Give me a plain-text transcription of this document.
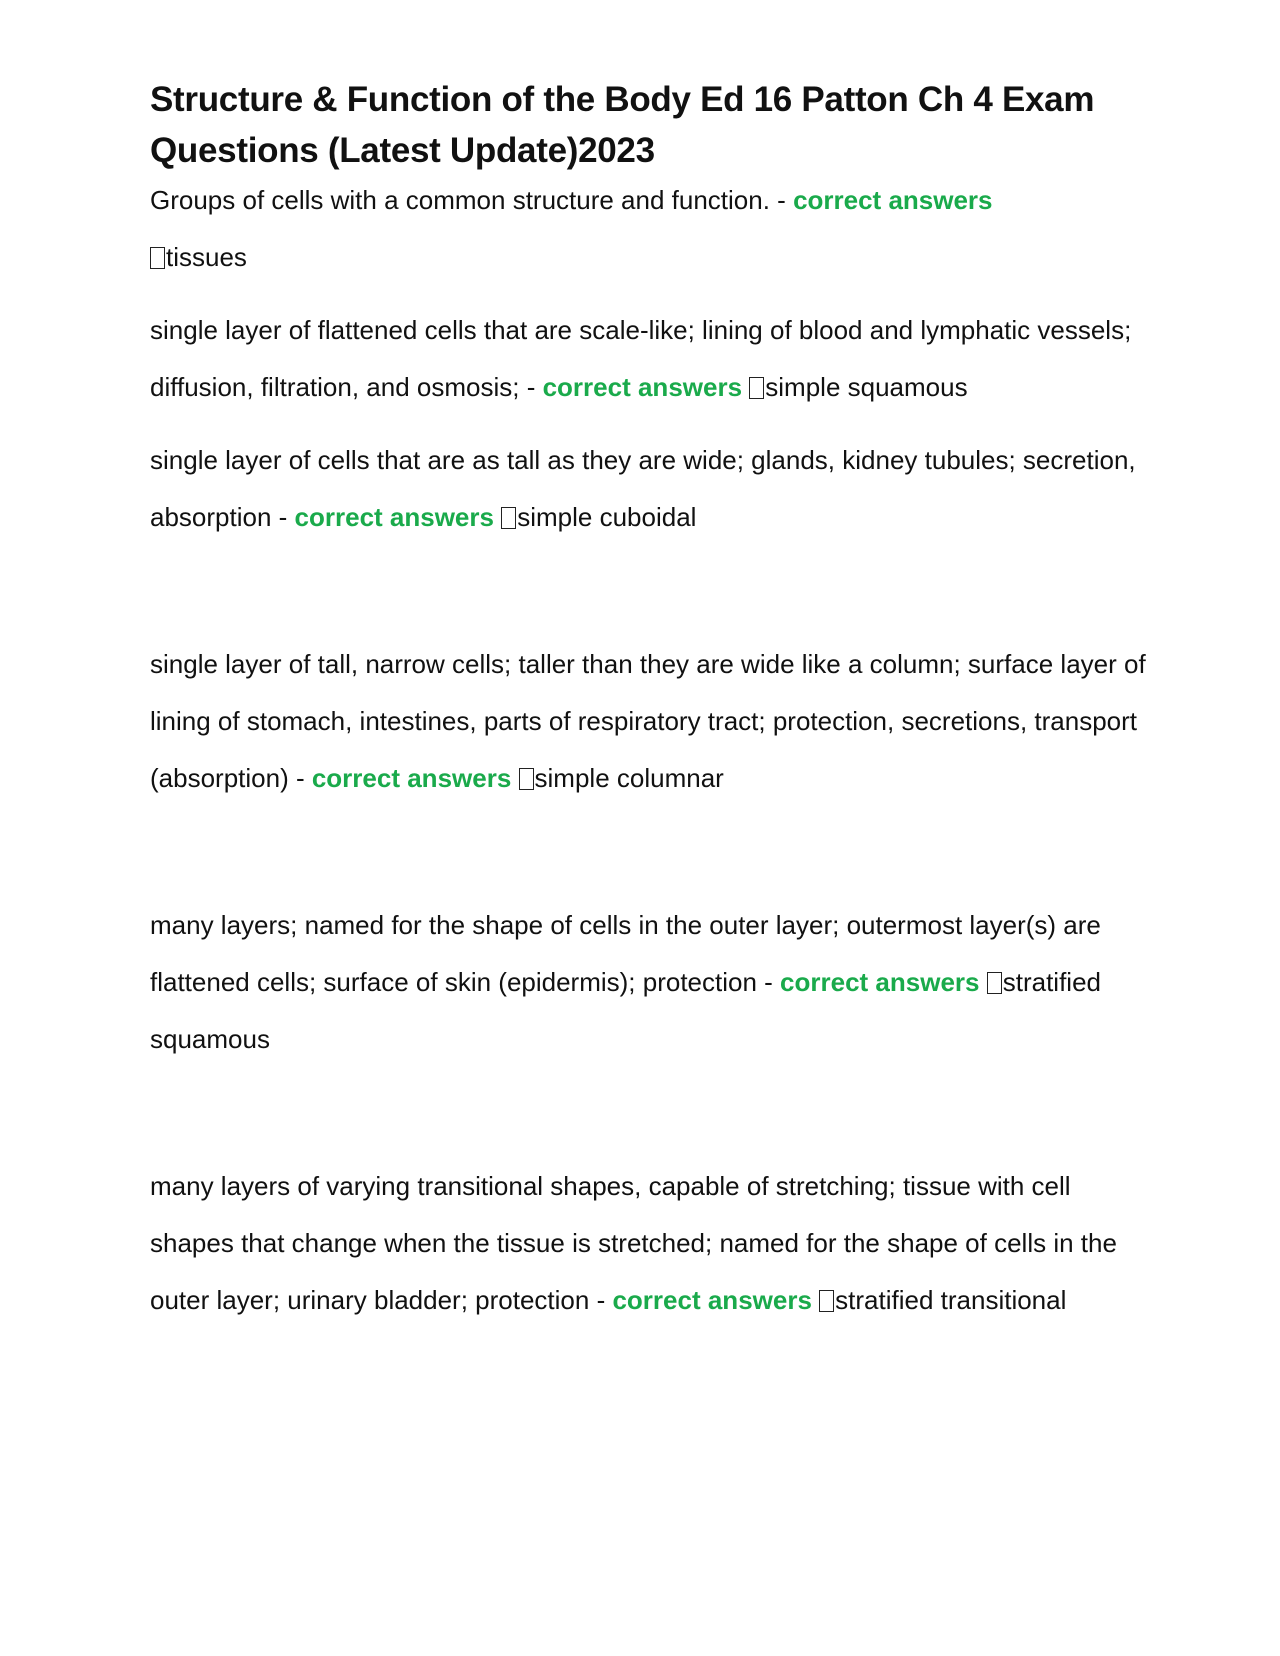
Structure & Function of the Body Ed 16 Patton Ch 4 Exam Questions (Latest Update)2023

Groups of cells with a common structure and function. - correct answers
tissues

single layer of flattened cells that are scale-like; lining of blood and lymphatic vessels; diffusion, filtration, and osmosis; - correct answers simple squamous

single layer of cells that are as tall as they are wide; glands, kidney tubules; secretion, absorption - correct answers simple cuboidal

single layer of tall, narrow cells; taller than they are wide like a column; surface layer of lining of stomach, intestines, parts of respiratory tract; protection, secretions, transport (absorption) - correct answers simple columnar

many layers; named for the shape of cells in the outer layer; outermost layer(s) are flattened cells; surface of skin (epidermis); protection - correct answers stratified squamous

many layers of varying transitional shapes, capable of stretching; tissue with cell shapes that change when the tissue is stretched; named for the shape of cells in the outer layer; urinary bladder; protection - correct answers stratified transitional
